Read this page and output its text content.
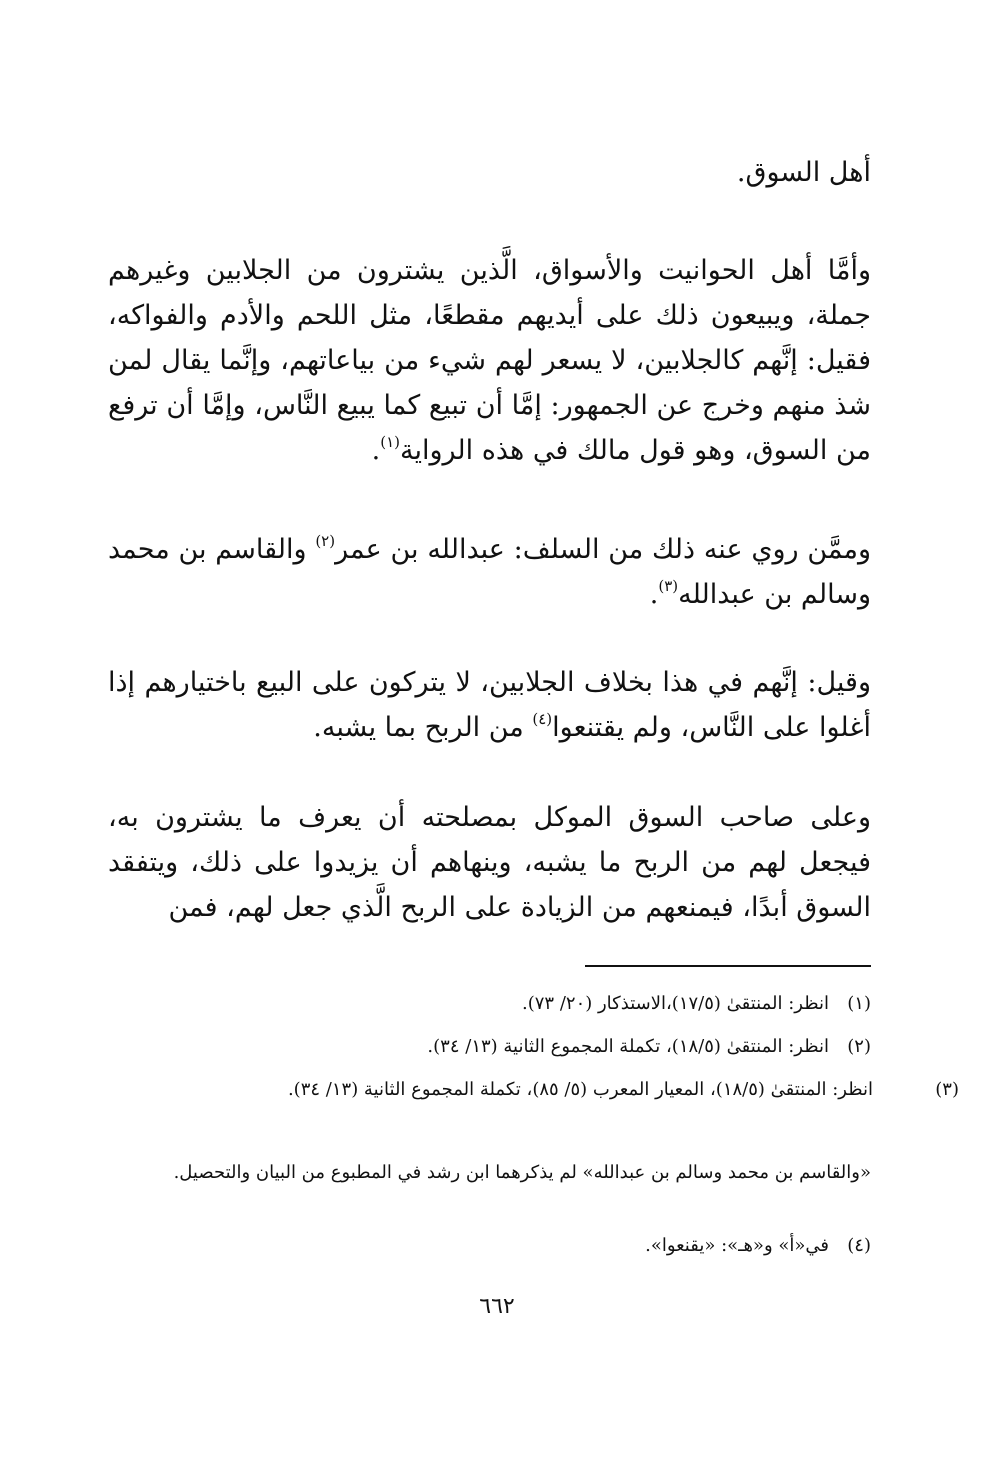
أهل السوق.

وأمَّا أهل الحوانيت والأسواق، الَّذين يشترون من الجلابين وغيرهم جملة، ويبيعون ذلك على أيديهم مقطعًا، مثل اللحم والأدم والفواكه، فقيل: إنَّهم كالجلابين، لا يسعر لهم شيء من بياعاتهم، وإنَّما يقال لمن شذ منهم وخرج عن الجمهور: إمَّا أن تبيع كما يبيع النَّاس، وإمَّا أن ترفع من السوق، وهو قول مالك في هذه الرواية$^{(١)}$.

وممَّن روي عنه ذلك من السلف: عبدالله بن عمر$^{(٢)}$ والقاسم بن محمد وسالم بن عبدالله$^{(٣)}$.

وقيل: إنَّهم في هذا بخلاف الجلابين، لا يتركون على البيع باختيارهم إذا أغلوا على النَّاس، ولم يقتنعوا$^{(٤)}$ من الربح بما يشبه.

وعلى صاحب السوق الموكل بمصلحته أن يعرف ما يشترون به، فيجعل لهم من الربح ما يشبه، وينهاهم أن يزيدوا على ذلك، ويتفقد السوق أبدًا، فيمنعهم من الزيادة على الربح الَّذي جعل لهم، فمن

(١)انظر: المنتقىٰ (١٧/٥)،الاستذكار (٢٠/ ٧٣).

(٢)انظر: المنتقىٰ (١٨/٥)، تكملة المجموع الثانية (١٣/ ٣٤).

(٣)انظر: المنتقىٰ (١٨/٥)، المعيار المعرب (٥/ ٨٥)، تكملة المجموع الثانية (١٣/ ٣٤).

«والقاسم بن محمد وسالم بن عبدالله» لم يذكرهما ابن رشد في المطبوع من البيان والتحصيل.

(٤)في«أ» و«هـ»: «يقنعوا».

٦٦٢
